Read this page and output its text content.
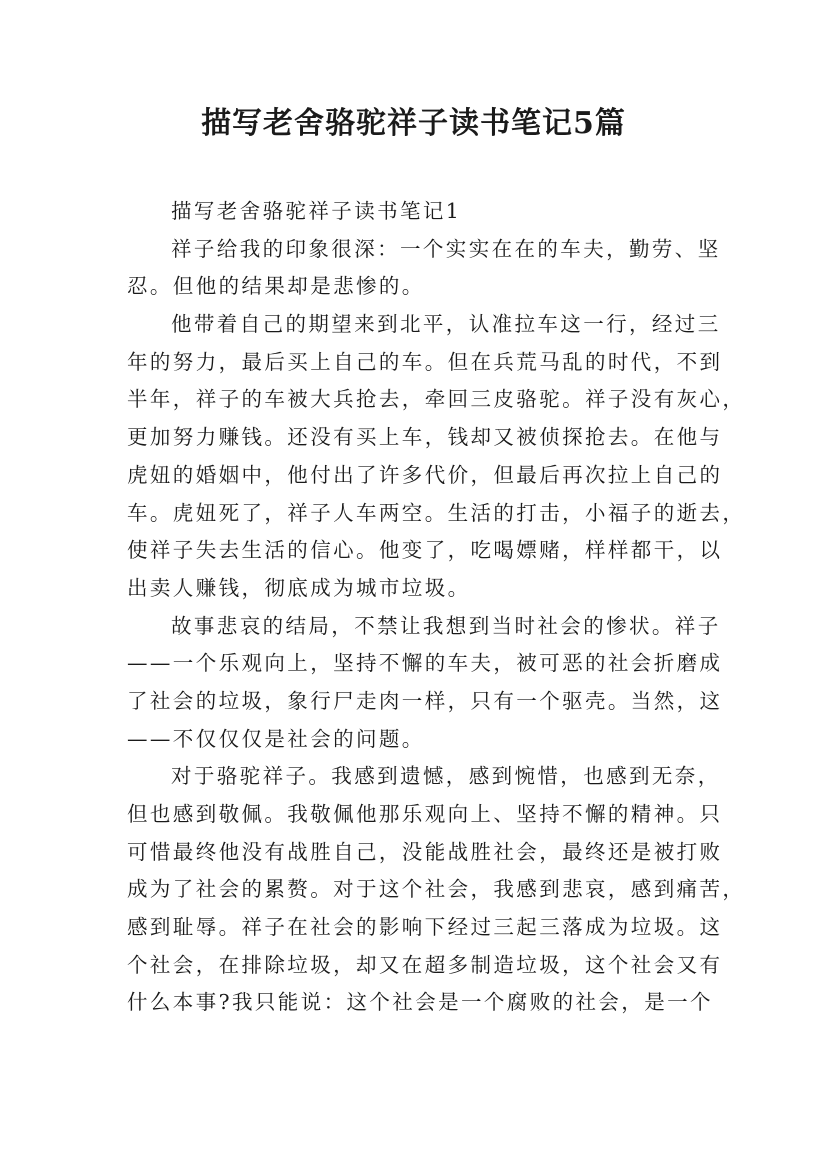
描写老舍骆驼祥子读书笔记5篇

描写老舍骆驼祥子读书笔记1

祥子给我的印象很深：一个实实在在的车夫，勤劳、坚

忍。但他的结果却是悲惨的。

他带着自己的期望来到北平，认准拉车这一行，经过三

年的努力，最后买上自己的车。但在兵荒马乱的时代，不到

半年，祥子的车被大兵抢去，牵回三皮骆驼。祥子没有灰心，

更加努力赚钱。还没有买上车，钱却又被侦探抢去。在他与

虎妞的婚姻中，他付出了许多代价，但最后再次拉上自己的

车。虎妞死了，祥子人车两空。生活的打击，小福子的逝去，

使祥子失去生活的信心。他变了，吃喝嫖赌，样样都干，以

出卖人赚钱，彻底成为城市垃圾。

故事悲哀的结局，不禁让我想到当时社会的惨状。祥子

——一个乐观向上，坚持不懈的车夫，被可恶的社会折磨成

了社会的垃圾，象行尸走肉一样，只有一个驱壳。当然，这

——不仅仅仅是社会的问题。

对于骆驼祥子。我感到遗憾，感到惋惜，也感到无奈，

但也感到敬佩。我敬佩他那乐观向上、坚持不懈的精神。只

可惜最终他没有战胜自己，没能战胜社会，最终还是被打败

成为了社会的累赘。对于这个社会，我感到悲哀，感到痛苦，

感到耻辱。祥子在社会的影响下经过三起三落成为垃圾。这

个社会，在排除垃圾，却又在超多制造垃圾，这个社会又有

什么本事?我只能说：这个社会是一个腐败的社会，是一个
